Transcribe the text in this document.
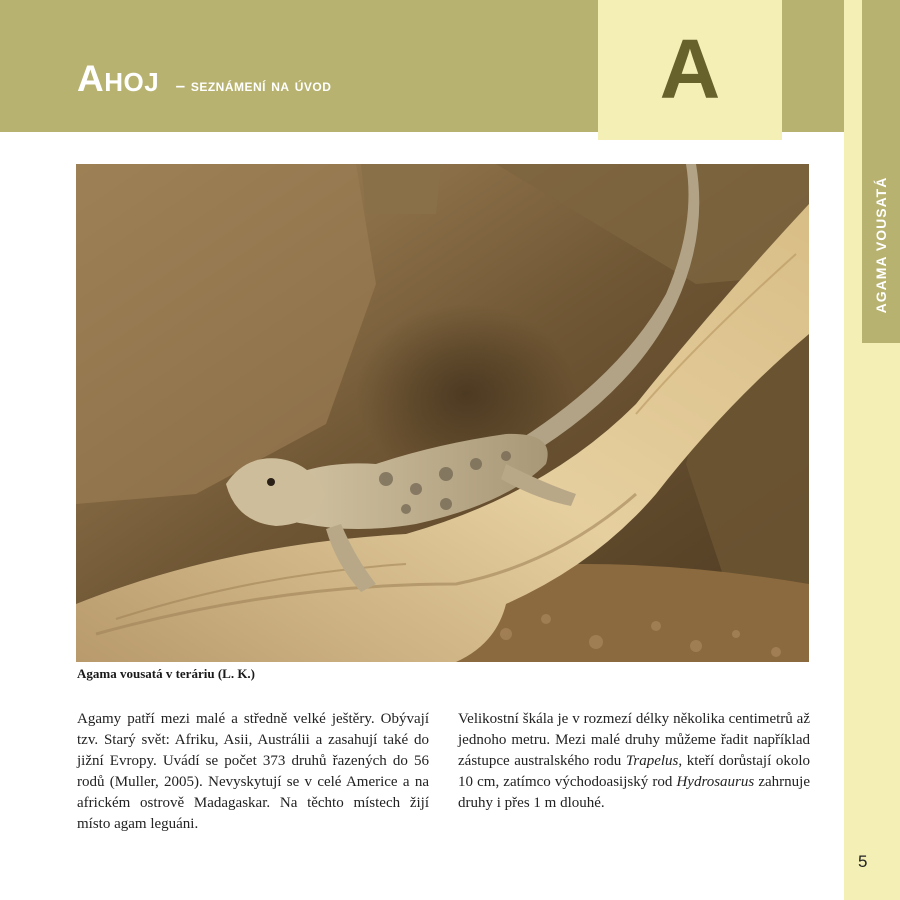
Ahoj – seznámení na úvod	A
AGAMA VOUSATÁ
Agama vousatá v teráriu (L. K.)
Agamy patří mezi malé a středně velké ještěry. Obývají tzv. Starý svět: Afriku, Asii, Austrálii a zasahují také do jižní Evropy. Uvádí se počet 373 druhů řazených do 56 rodů (Muller, 2005). Nevyskytují se v celé Americe a na africkém ostrově Madagaskar. Na těchto místech žijí místo agam leguáni.
Velikostní škála je v rozmezí délky několika centimetrů až jednoho metru. Mezi malé druhy můžeme řadit například zástupce australského rodu Trapelus, kteří dorůstají okolo 10 cm, zatímco východoasijský rod Hydrosaurus zahrnuje druhy i přes 1 m dlouhé.
5
